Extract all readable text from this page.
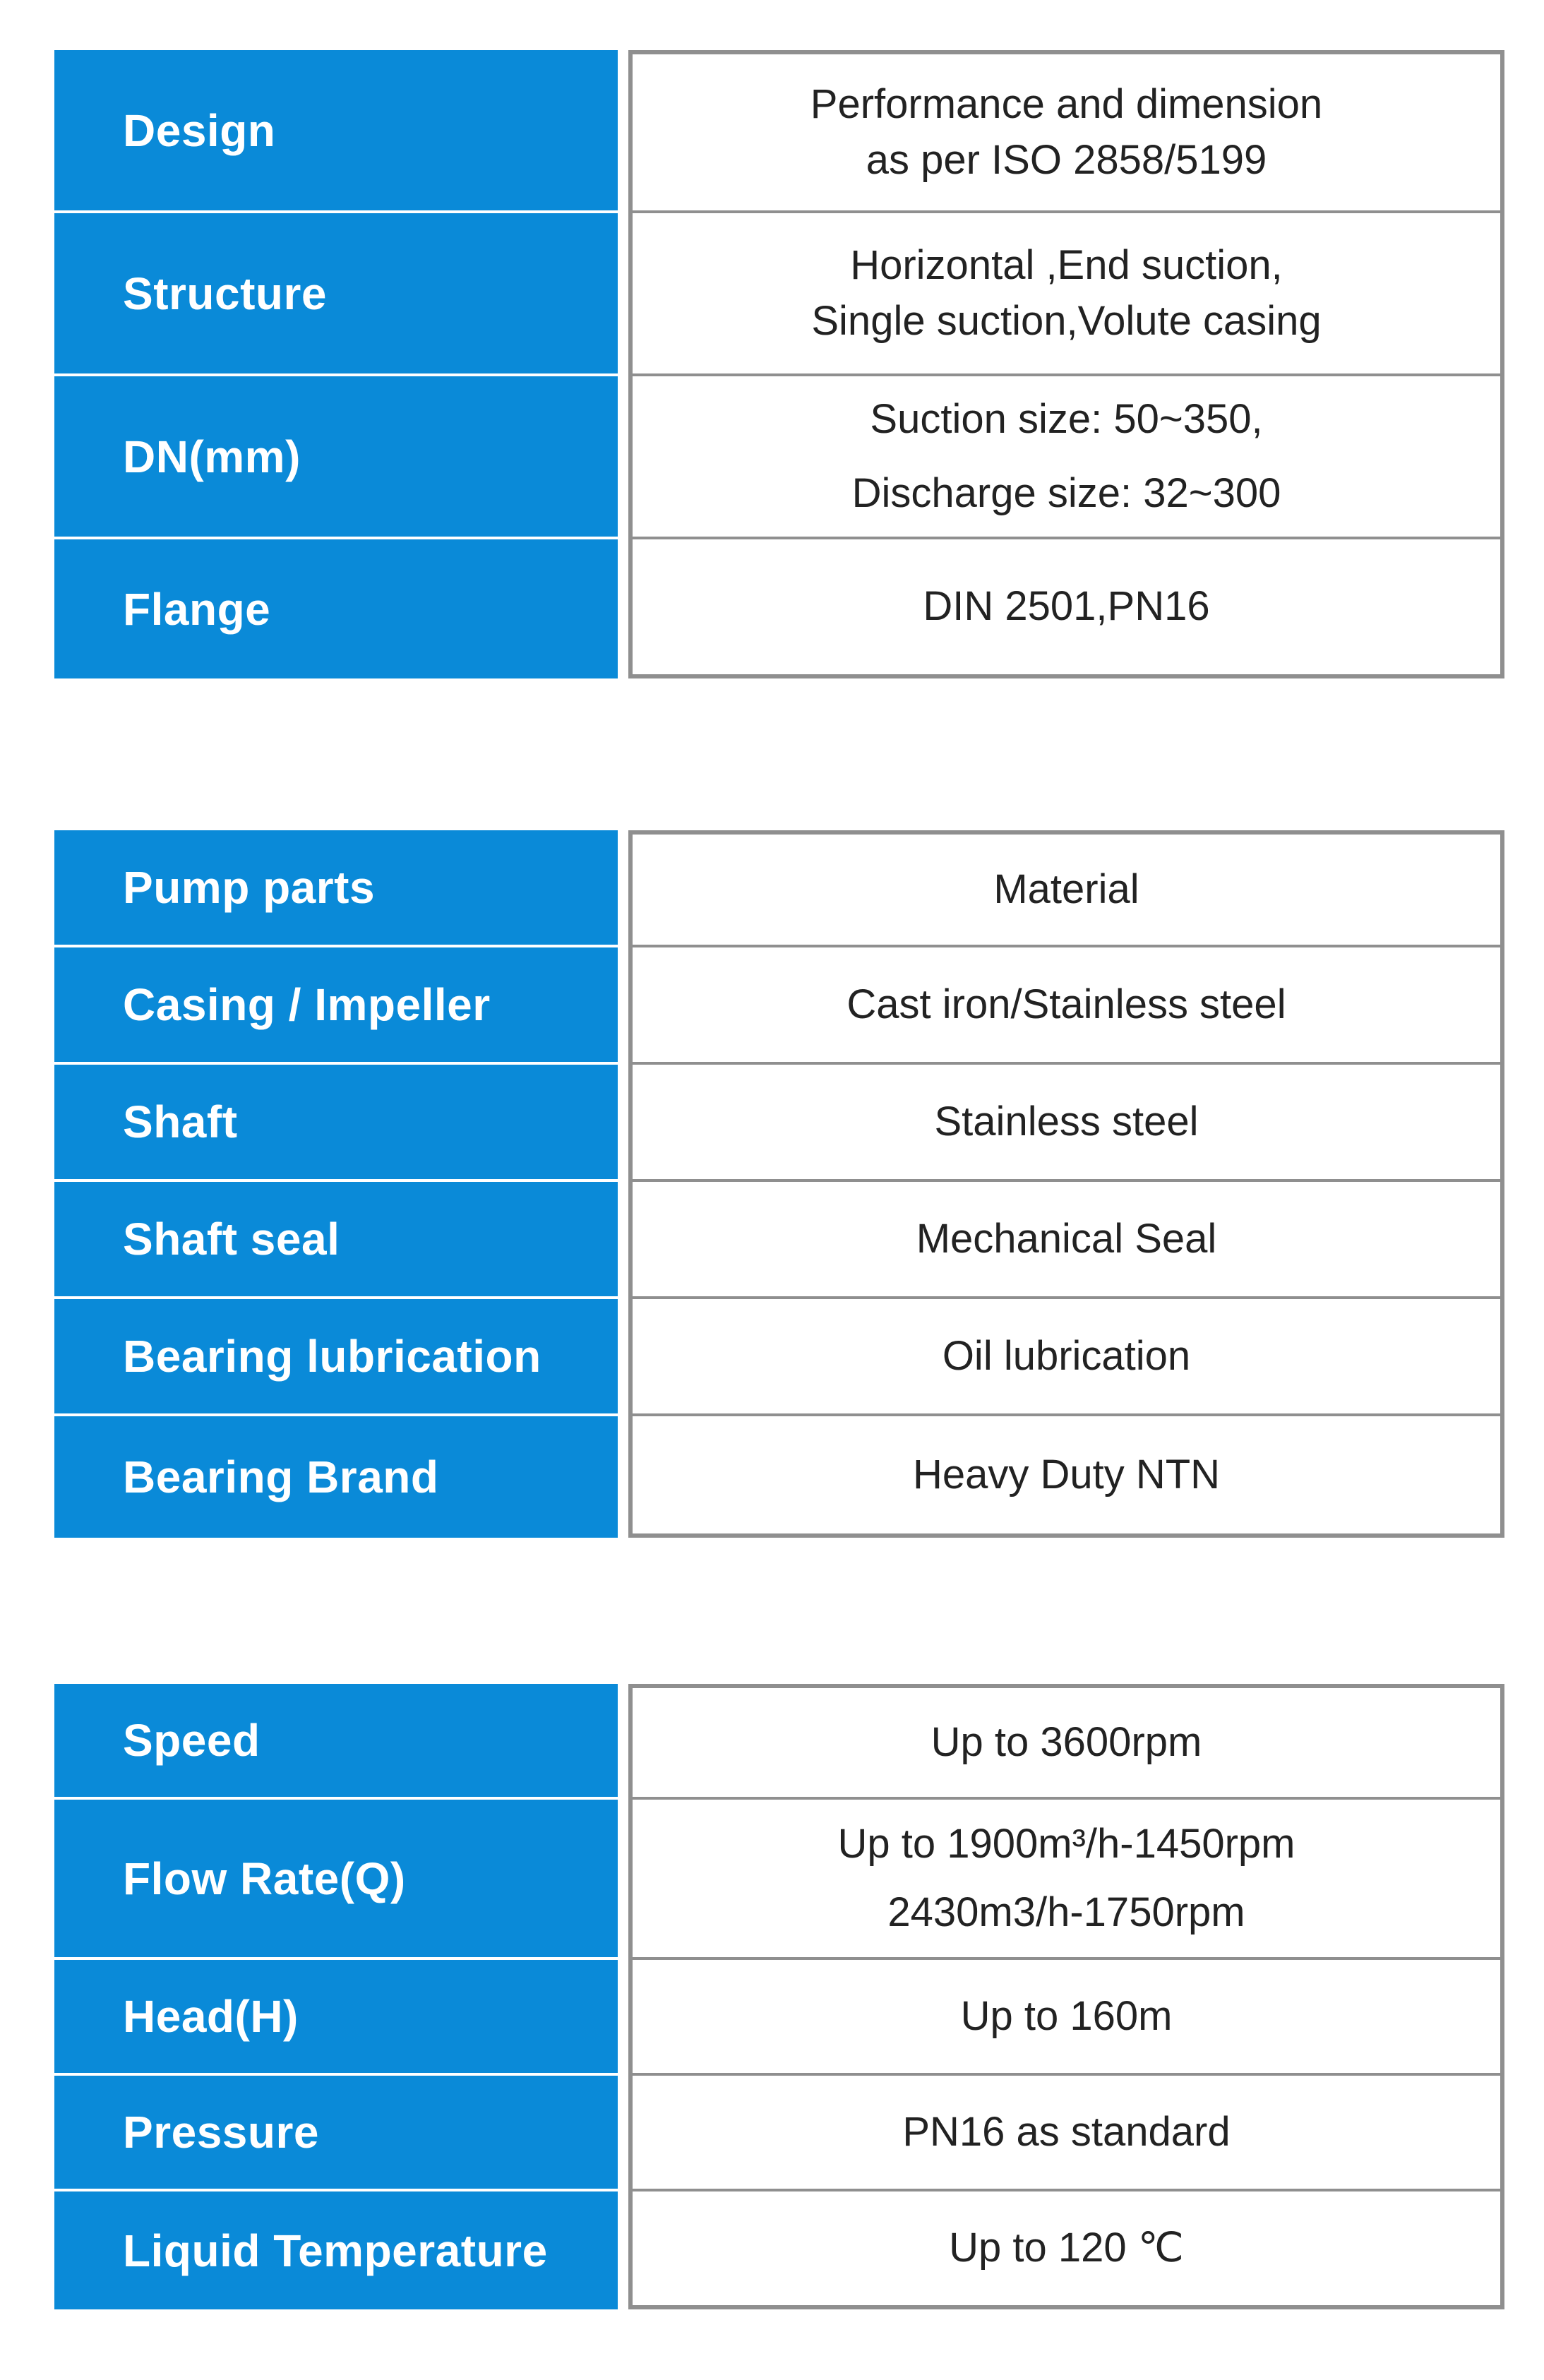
Design
Structure
DN(mm)
Flange
Performance and dimension
as per ISO 2858/5199
Horizontal ,End suction,
Single suction,Volute casing
Suction size: 50~350,
Discharge size: 32~300
DIN 2501,PN16
Pump parts
Casing / Impeller
Shaft
Shaft seal
Bearing lubrication
Bearing Brand
Material
Cast iron/Stainless steel
Stainless steel
Mechanical Seal
Oil lubrication
Heavy Duty NTN
Speed
Flow Rate(Q)
Head(H)
Pressure
Liquid Temperature
Up to 3600rpm
Up to 1900m³/h-1450rpm
2430m3/h-1750rpm
Up to 160m
PN16 as standard
Up to 120 ℃
